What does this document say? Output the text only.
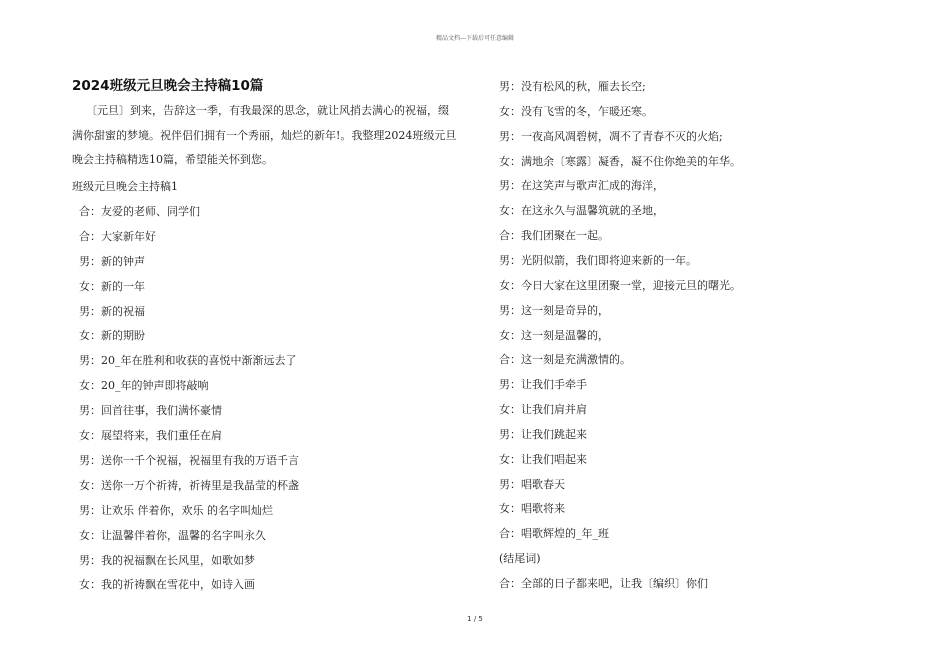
精品文档---下载后可任意编辑
2024班级元旦晚会主持稿10篇
〔元旦〕到来，告辞这一季，有我最深的思念，就让风捎去满心的祝福，缀
满你甜蜜的梦境。祝伴侣们拥有一个秀丽，灿烂的新年!。我整理2024班级元旦
晚会主持稿精选10篇，希望能关怀到您。
班级元旦晚会主持稿1
合：友爱的老师、同学们
合：大家新年好
男：新的钟声
女：新的一年
男：新的祝福
女：新的期盼
男：20_年在胜利和收获的喜悦中渐渐远去了
女：20_年的钟声即将敲响
男：回首往事，我们满怀豪情
女：展望将来，我们重任在肩
男：送你一千个祝福，祝福里有我的万语千言
女：送你一万个祈祷，祈祷里是我晶莹的杯盏
男：让欢乐 伴着你，欢乐 的名字叫灿烂
女：让温馨伴着你，温馨的名字叫永久
男：我的祝福飘在长风里，如歌如梦
女：我的祈祷飘在雪花中，如诗入画
男：没有松风的秋，雁去长空;
女：没有飞雪的冬，乍暖还寒。
男：一夜高风凋碧树，凋不了青春不灭的火焰;
女：满地余〔寒露〕凝香，凝不住你绝美的年华。
男：在这笑声与歌声汇成的海洋，
女：在这永久与温馨筑就的圣地，
合：我们团聚在一起。
男：光阴似箭，我们即将迎来新的一年。
女：今日大家在这里团聚一堂，迎接元旦的曙光。
男：这一刻是奇异的，
女：这一刻是温馨的，
合：这一刻是充满激情的。
男：让我们手牵手
女：让我们肩并肩
男：让我们跳起来
女：让我们唱起来
男：唱歌春天
女：唱歌将来
合：唱歌辉煌的_年_班
(结尾词)
合：全部的日子都来吧，让我〔编织〕你们
1 / 5
